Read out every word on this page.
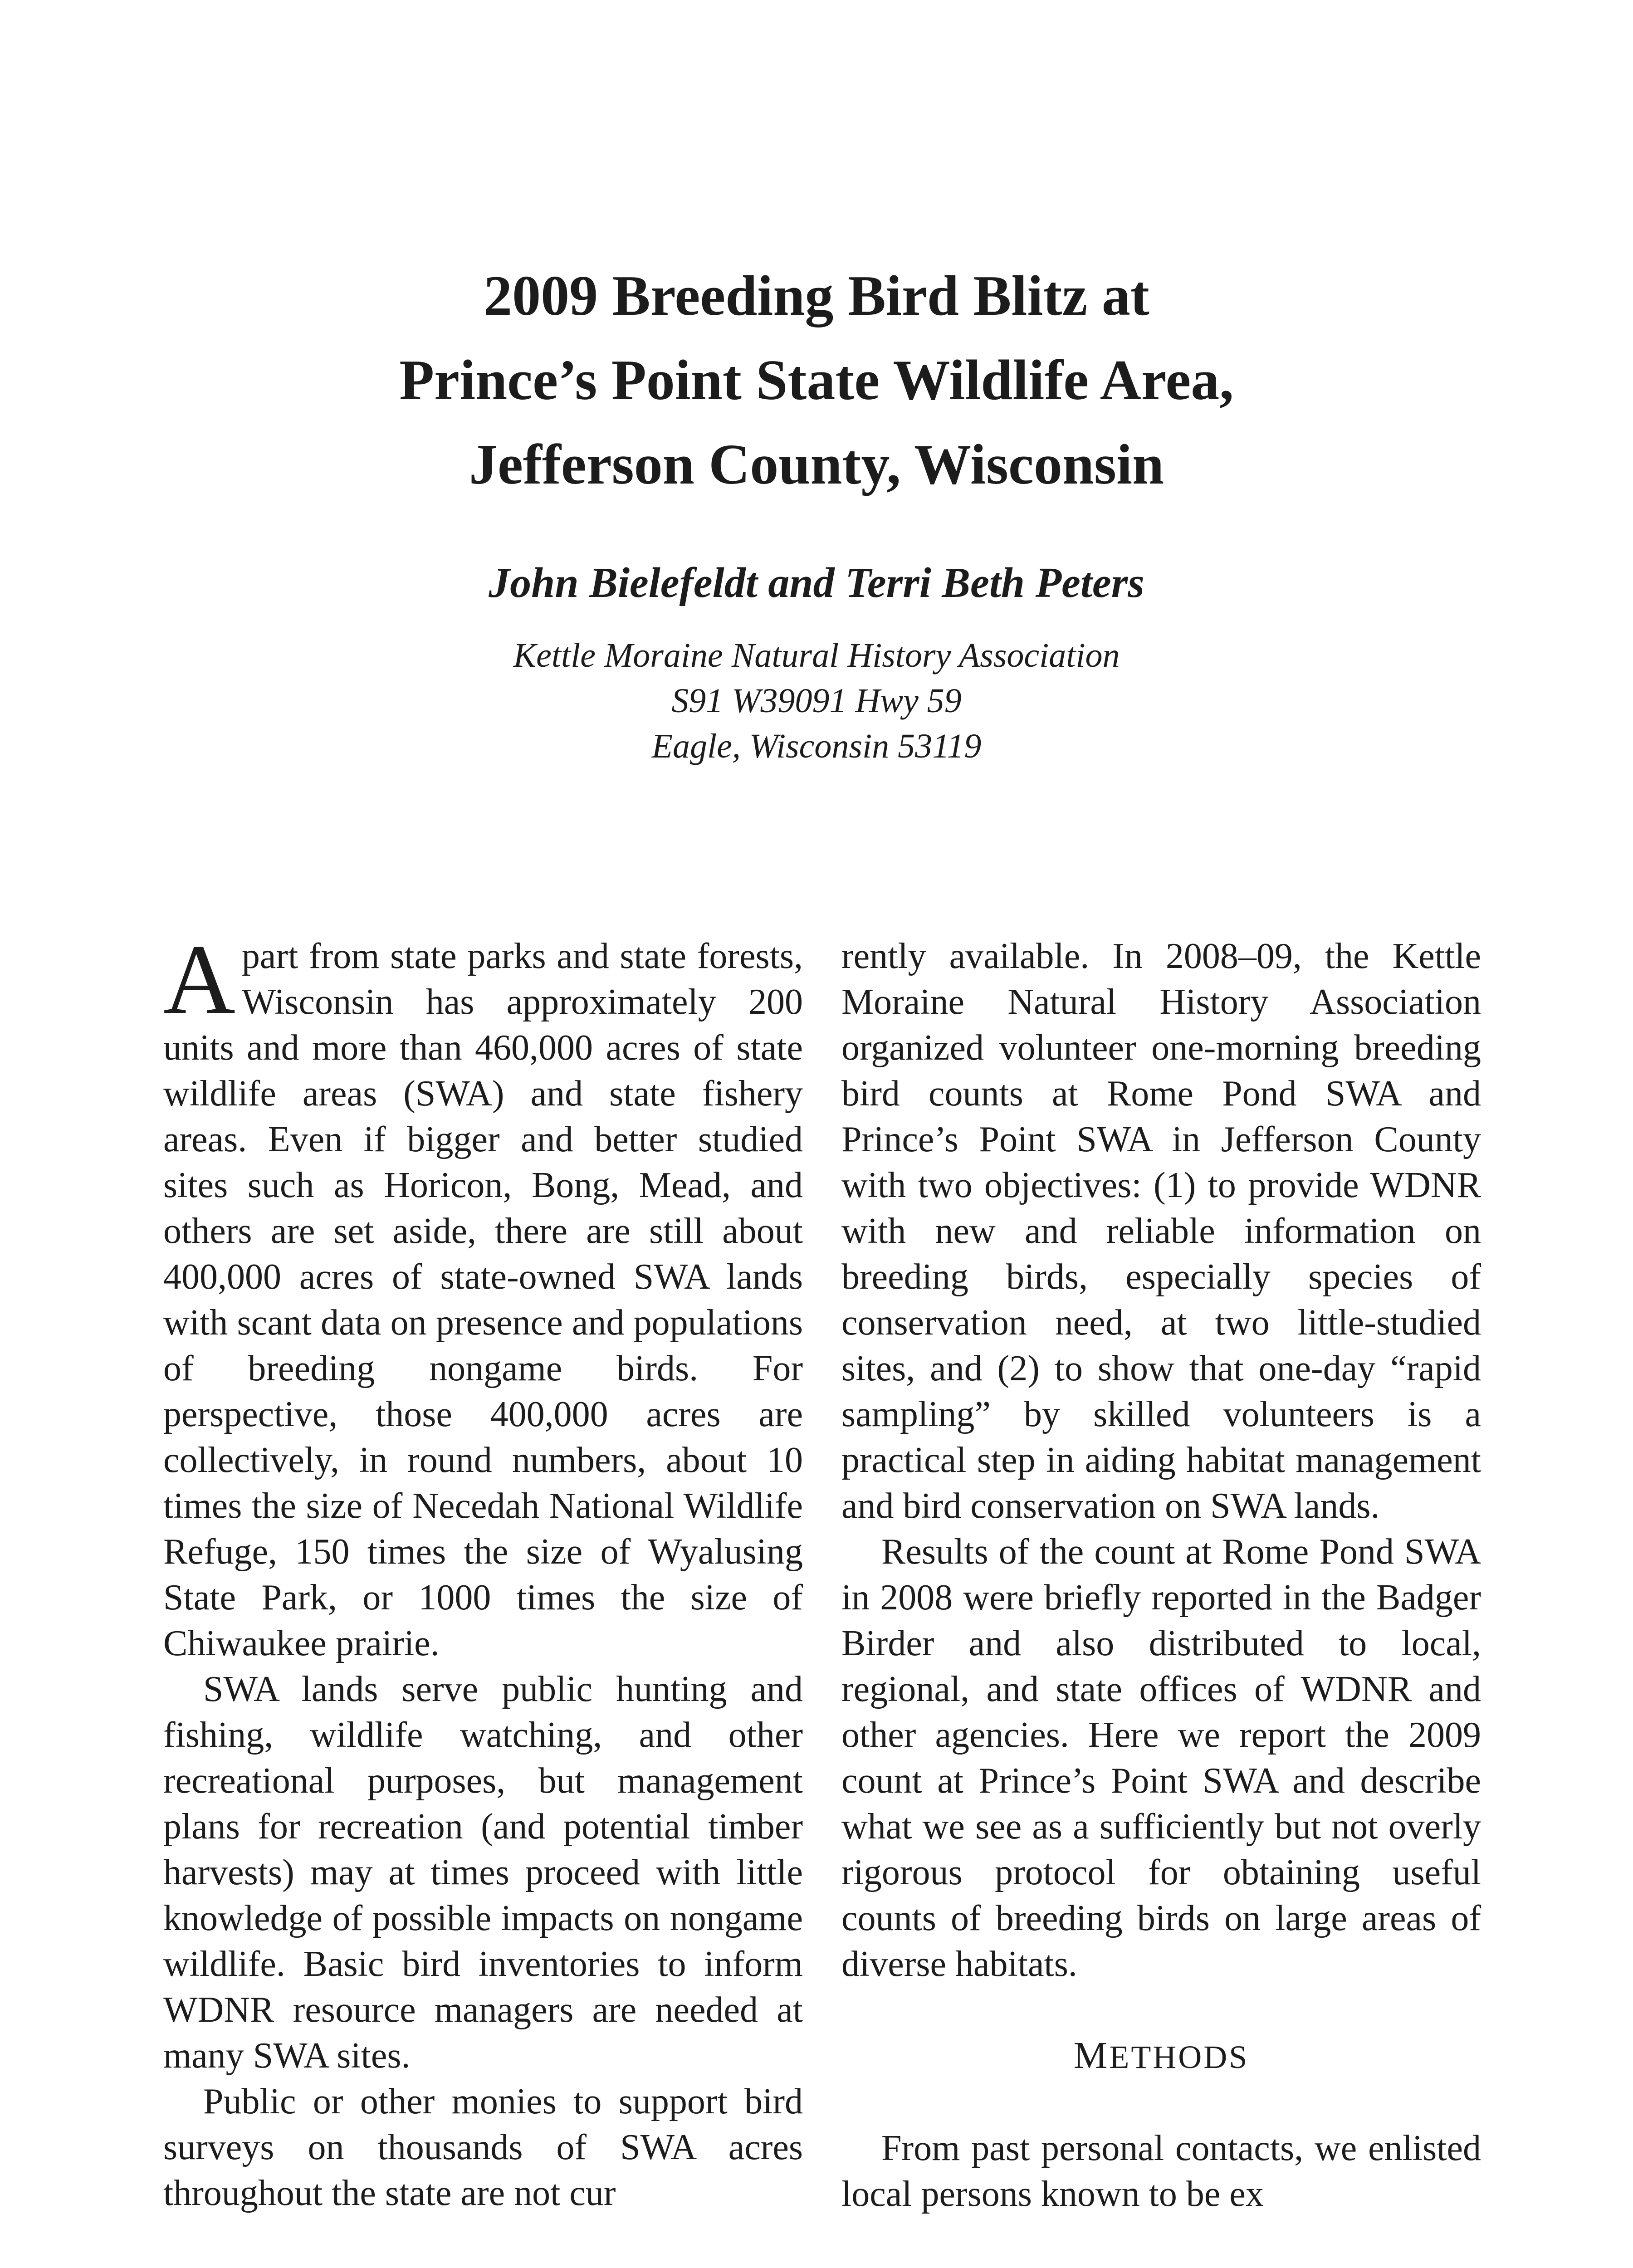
2009 Breeding Bird Blitz at
Prince’s Point State Wildlife Area,
Jefferson County, Wisconsin
John Bielefeldt and Terri Beth Peters
Kettle Moraine Natural History Association
S91 W39091 Hwy 59
Eagle, Wisconsin 53119

Apart from state parks and state forests, Wisconsin has approximately 200 units and more than 460,000 acres of state wildlife areas (SWA) and state fishery areas. Even if bigger and better studied sites such as Horicon, Bong, Mead, and others are set aside, there are still about 400,000 acres of state-owned SWA lands with scant data on presence and populations of breeding nongame birds. For perspective, those 400,000 acres are collectively, in round numbers, about 10 times the size of Necedah National Wildlife Refuge, 150 times the size of Wyalusing State Park, or 1000 times the size of Chiwaukee prairie.

SWA lands serve public hunting and fishing, wildlife watching, and other recreational purposes, but management plans for recreation (and potential timber harvests) may at times proceed with little knowledge of possible impacts on nongame wildlife. Basic bird inventories to inform WDNR resource managers are needed at many SWA sites.

Public or other monies to support bird surveys on thousands of SWA acres throughout the state are not cur

rently available. In 2008–09, the Kettle Moraine Natural History Association organized volunteer one-morning breeding bird counts at Rome Pond SWA and Prince’s Point SWA in Jefferson County with two objectives: (1) to provide WDNR with new and reliable information on breeding birds, especially species of conservation need, at two little-studied sites, and (2) to show that one-day “rapid sampling” by skilled volunteers is a practical step in aiding habitat management and bird conservation on SWA lands.

Results of the count at Rome Pond SWA in 2008 were briefly reported in the Badger Birder and also distributed to local, regional, and state offices of WDNR and other agencies. Here we report the 2009 count at Prince’s Point SWA and describe what we see as a sufficiently but not overly rigorous protocol for obtaining useful counts of breeding birds on large areas of diverse habitats.

METHODS

From past personal contacts, we enlisted local persons known to be ex
